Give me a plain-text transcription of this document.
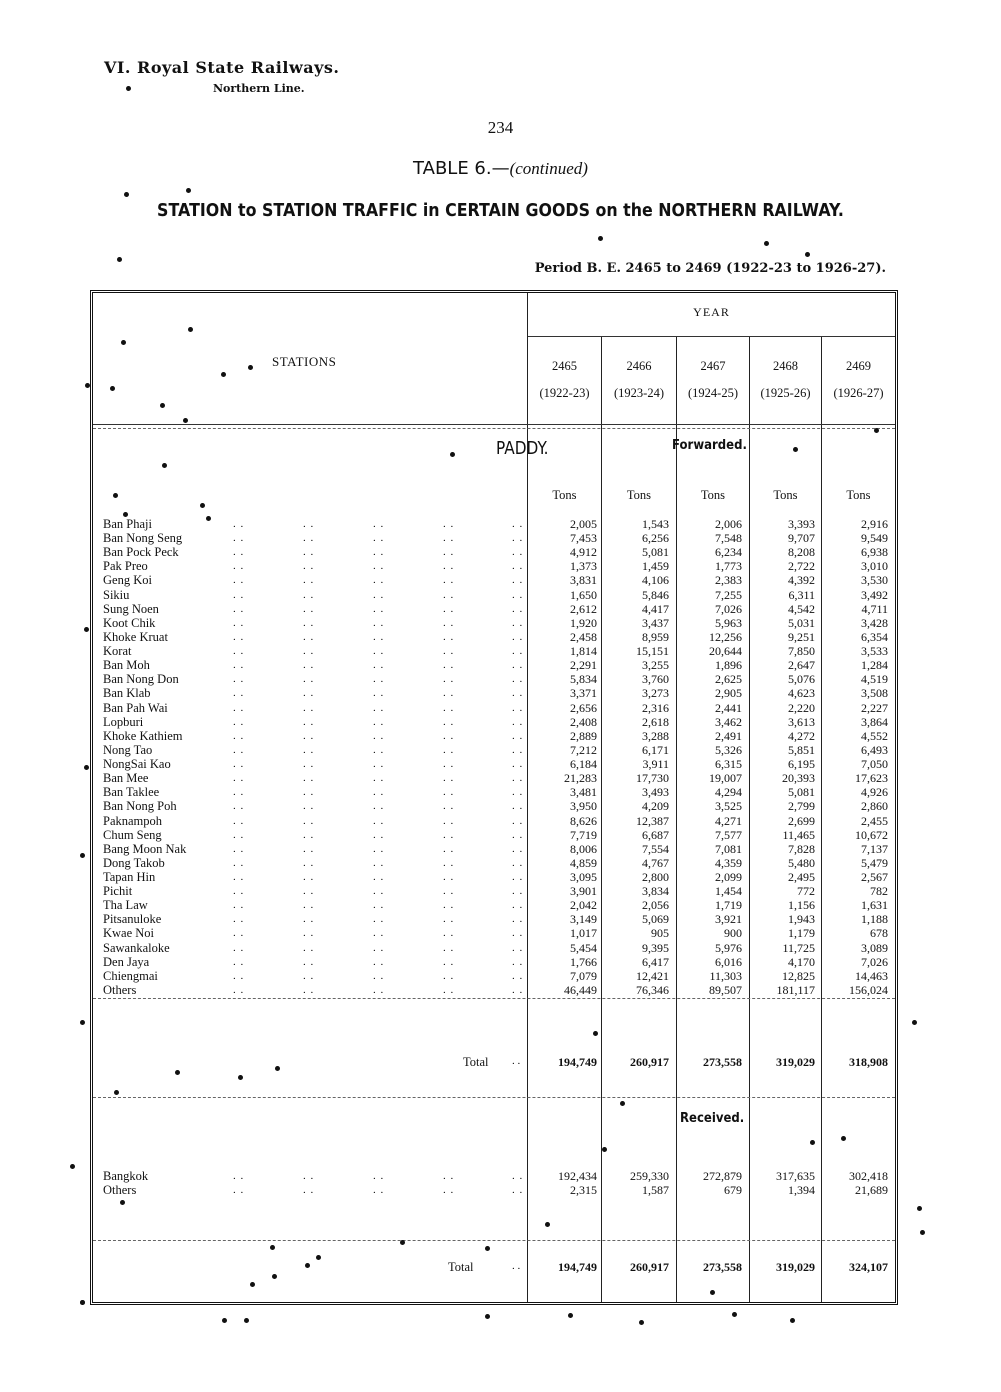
VI. Royal State Railways.
Northern Line.
234
TABLE 6.—(continued)
STATION to STATION TRAFFIC in CERTAIN GOODS on the NORTHERN RAILWAY.
Period B. E. 2465 to 2469 (1922-23 to 1926-27).
YEAR
STATIONS	2465
(1922-23)
2466
(1923-24)
2467
(1924-25)
2468
(1925-26)
2469
(1926-27)
PADDY.	Forwarded.
Received.
Tons	Tons	Tons	Tons	Tons
Ban Phaji	. .	. .	. .	. .	. .	2,005	1,543	2,006	3,393	2,916
Ban Nong Seng	. .	. .	. .	. .	. .	7,453	6,256	7,548	9,707	9,549
Ban Pock Peck	. .	. .	. .	. .	. .	4,912	5,081	6,234	8,208	6,938
Pak Preo	. .	. .	. .	. .	. .	1,373	1,459	1,773	2,722	3,010
Geng Koi	. .	. .	. .	. .	. .	3,831	4,106	2,383	4,392	3,530
Sikiu	. .	. .	. .	. .	. .	1,650	5,846	7,255	6,311	3,492
Sung Noen	. .	. .	. .	. .	. .	2,612	4,417	7,026	4,542	4,711
Koot Chik	. .	. .	. .	. .	. .	1,920	3,437	5,963	5,031	3,428
Khoke Kruat	. .	. .	. .	. .	. .	2,458	8,959	12,256	9,251	6,354
Korat	. .	. .	. .	. .	. .	1,814	15,151	20,644	7,850	3,533
Ban Moh	. .	. .	. .	. .	. .	2,291	3,255	1,896	2,647	1,284
Ban Nong Don	. .	. .	. .	. .	. .	5,834	3,760	2,625	5,076	4,519
Ban Klab	. .	. .	. .	. .	. .	3,371	3,273	2,905	4,623	3,508
Ban Pah Wai	. .	. .	. .	. .	. .	2,656	2,316	2,441	2,220	2,227
Lopburi	. .	. .	. .	. .	. .	2,408	2,618	3,462	3,613	3,864
Khoke Kathiem	. .	. .	. .	. .	. .	2,889	3,288	2,491	4,272	4,552
Nong Tao	. .	. .	. .	. .	. .	7,212	6,171	5,326	5,851	6,493
NongSai Kao	. .	. .	. .	. .	. .	6,184	3,911	6,315	6,195	7,050
Ban Mee	. .	. .	. .	. .	. .	21,283	17,730	19,007	20,393	17,623
Ban Taklee	. .	. .	. .	. .	. .	3,481	3,493	4,294	5,081	4,926
Ban Nong Poh	. .	. .	. .	. .	. .	3,950	4,209	3,525	2,799	2,860
Paknampoh	. .	. .	. .	. .	. .	8,626	12,387	4,271	2,699	2,455
Chum Seng	. .	. .	. .	. .	. .	7,719	6,687	7,577	11,465	10,672
Bang Moon Nak	. .	. .	. .	. .	. .	8,006	7,554	7,081	7,828	7,137
Dong Takob	. .	. .	. .	. .	. .	4,859	4,767	4,359	5,480	5,479
Tapan Hin	. .	. .	. .	. .	. .	3,095	2,800	2,099	2,495	2,567
Pichit	. .	. .	. .	. .	. .	3,901	3,834	1,454	772	782
Tha Law	. .	. .	. .	. .	. .	2,042	2,056	1,719	1,156	1,631
Pitsanuloke	. .	. .	. .	. .	. .	3,149	5,069	3,921	1,943	1,188
Kwae Noi	. .	. .	. .	. .	. .	1,017	905	900	1,179	678
Sawankaloke	. .	. .	. .	. .	. .	5,454	9,395	5,976	11,725	3,089
Den Jaya	. .	. .	. .	. .	. .	1,766	6,417	6,016	4,170	7,026
Chiengmai	. .	. .	. .	. .	. .	7,079	12,421	11,303	12,825	14,463
Others	. .	. .	. .	. .	. .	46,449	76,346	89,507	181,117	156,024
Total . .	194,749	260,917	273,558	319,029	318,908
Bangkok	. .	. .	. .	. .	. .	192,434	259,330	272,879	317,635	302,418
Others	. .	. .	. .	. .	. .	2,315	1,587	679	1,394	21,689
Total	. .	194,749	260,917	273,558	319,029	324,107
